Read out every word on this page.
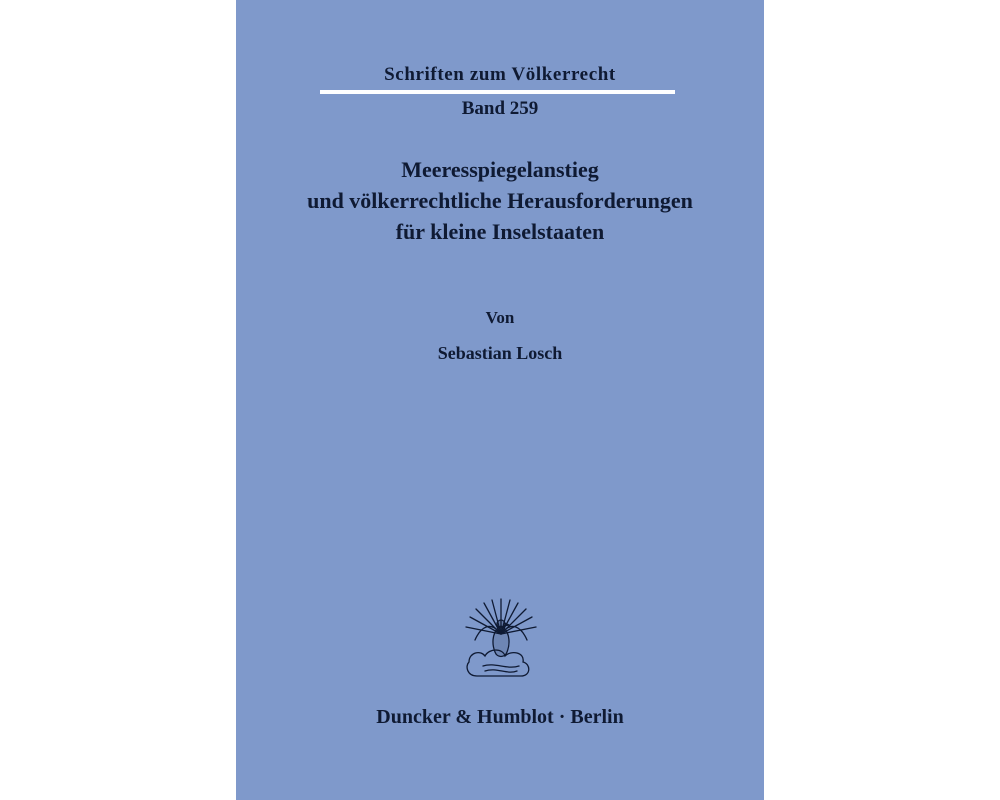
Schriften zum Völkerrecht
Band 259
Meeresspiegelanstieg
und völkerrechtliche Herausforderungen
für kleine Inselstaaten
Von
Sebastian Losch
Duncker & Humblot · Berlin
